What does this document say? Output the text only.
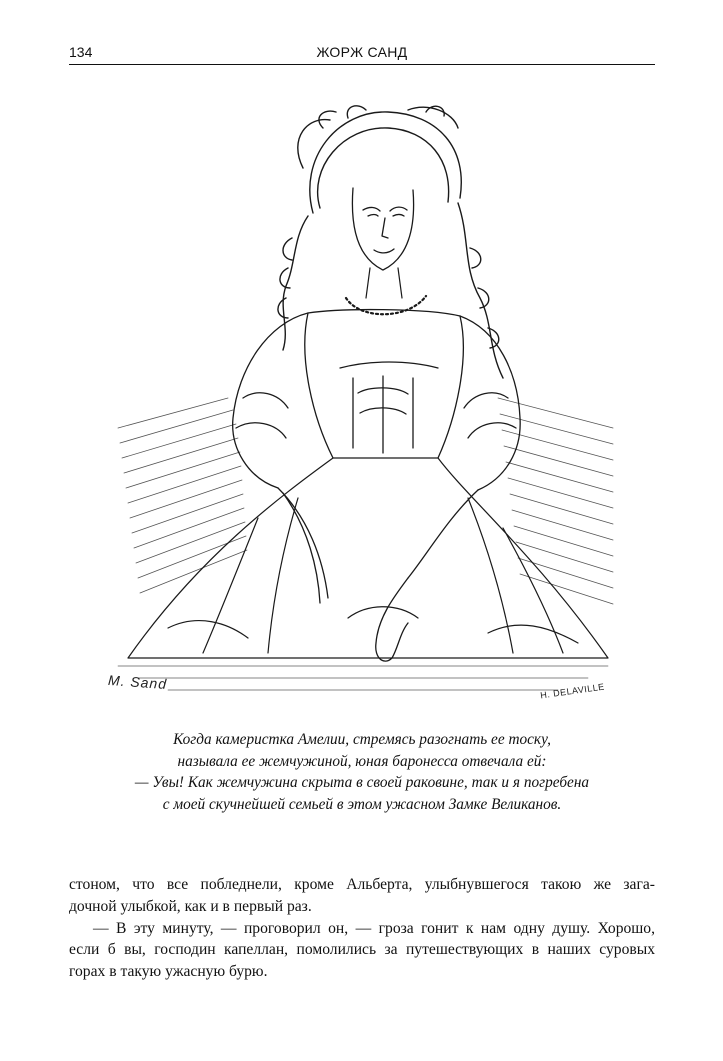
134	ЖОРЖ САНД
M. Sand	H. DELAVILLE
Когда камеристка Амелии, стремясь разогнать ее тоску,
называла ее жемчужиной, юная баронесса отвечала ей:
— Увы! Как жемчужина скрыта в своей раковине, так и я погребена
с моей скучнейшей семьей в этом ужасном Замке Великанов.
стоном, что все побледнели, кроме Альберта, улыбнувшегося такою же зага-
дочной улыбкой, как и в первый раз.
— В эту минуту, — проговорил он, — гроза гонит к нам одну душу. Хорошо,
если б вы, господин капеллан, помолились за путешествующих в наших суровых
горах в такую ужасную бурю.
